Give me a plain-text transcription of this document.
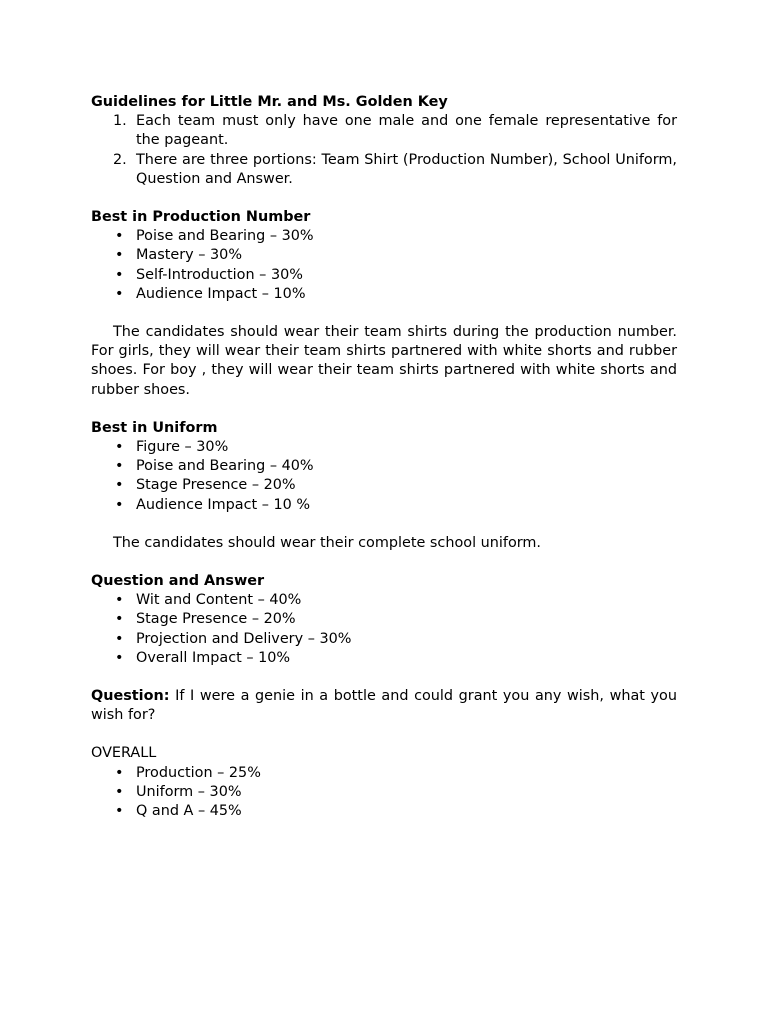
Guidelines for Little Mr. and Ms. Golden Key
1. Each team must only have one male and one female representative for the pageant.
2. There are three portions: Team Shirt (Production Number), School Uniform, Question and Answer.
Best in Production Number
• Poise and Bearing – 30%
• Mastery – 30%
• Self-Introduction – 30%
• Audience Impact – 10%

The candidates should wear their team shirts during the production number. For girls, they will wear their team shirts partnered with white shorts and rubber shoes. For boy , they will wear their team shirts partnered with white shorts and rubber shoes.

Best in Uniform
• Figure – 30%
• Poise and Bearing – 40%
• Stage Presence – 20%
• Audience Impact – 10 %

The candidates should wear their complete school uniform.

Question and Answer
• Wit and Content – 40%
• Stage Presence – 20%
• Projection and Delivery – 30%
• Overall Impact – 10%

Question: If I were a genie in a bottle and could grant you any wish, what you wish for?

OVERALL
• Production – 25%
• Uniform – 30%
• Q and A – 45%
